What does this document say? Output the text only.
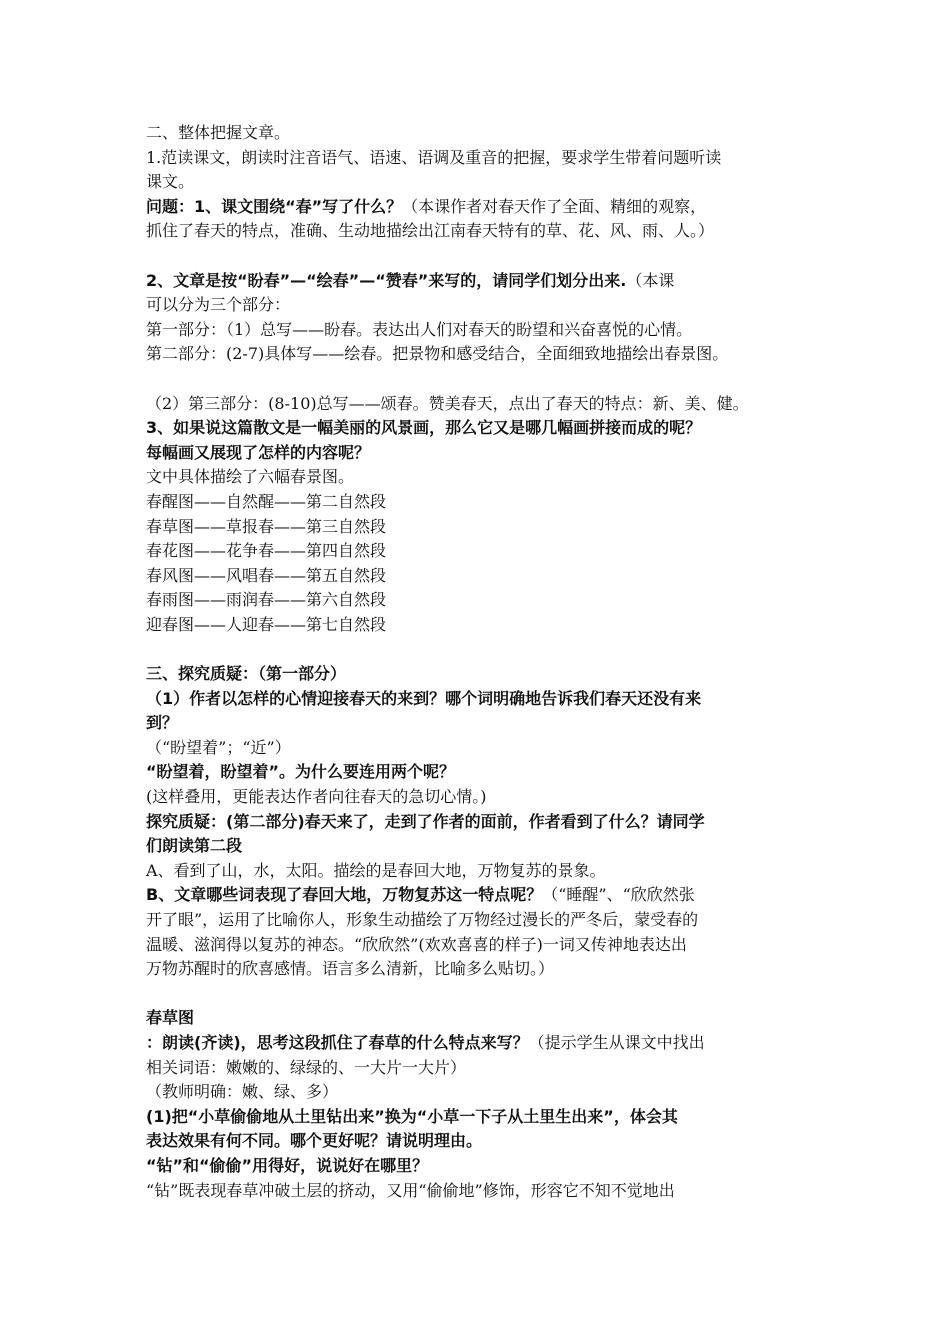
二、整体把握文章。
1.范读课文，朗读时注音语气、语速、语调及重音的把握，要求学生带着问题听读
课文。
问题：1、课文围绕“春”写了什么？（本课作者对春天作了全面、精细的观察，
抓住了春天的特点，准确、生动地描绘出江南春天特有的草、花、风、雨、人。）
2、文章是按“盼春”—“绘春”—“赞春”来写的，请同学们划分出来.（本课
可以分为三个部分：
第一部分：（1）总写——盼春。表达出人们对春天的盼望和兴奋喜悦的心情。
第二部分：(2-7)具体写——绘春。把景物和感受结合，全面细致地描绘出春景图。
（2）第三部分：(8-10)总写——颂春。赞美春天，点出了春天的特点：新、美、健。
3、如果说这篇散文是一幅美丽的风景画，那么它又是哪几幅画拼接而成的呢？
每幅画又展现了怎样的内容呢？
文中具体描绘了六幅春景图。
春醒图——自然醒——第二自然段
春草图——草报春——第三自然段
春花图——花争春——第四自然段
春风图——风唱春——第五自然段
春雨图——雨润春——第六自然段
迎春图——人迎春——第七自然段
三、探究质疑：（第一部分）
（1）作者以怎样的心情迎接春天的来到？哪个词明确地告诉我们春天还没有来
到？
（“盼望着”；“近”）
“盼望着，盼望着”。为什么要连用两个呢？
(这样叠用，更能表达作者向往春天的急切心情。)
探究质疑：(第二部分)春天来了，走到了作者的面前，作者看到了什么？请同学
们朗读第二段
A、看到了山，水，太阳。描绘的是春回大地，万物复苏的景象。
B、文章哪些词表现了春回大地，万物复苏这一特点呢？（“睡醒”、“欣欣然张
开了眼”，运用了比喻你人，形象生动描绘了万物经过漫长的严冬后，蒙受春的
温暖、滋润得以复苏的神态。“欣欣然”(欢欢喜喜的样子)一词又传神地表达出
万物苏醒时的欣喜感情。语言多么清新，比喻多么贴切。）
春草图
：朗读(齐读)，思考这段抓住了春草的什么特点来写？（提示学生从课文中找出
相关词语：嫩嫩的、绿绿的、一大片一大片）
（教师明确：嫩、绿、多）
(1)把“小草偷偷地从土里钻出来”换为“小草一下子从土里生出来”，体会其
表达效果有何不同。哪个更好呢？请说明理由。
“钻”和“偷偷”用得好，说说好在哪里？
“钻”既表现春草冲破土层的挤动，又用“偷偷地”修饰，形容它不知不觉地出
